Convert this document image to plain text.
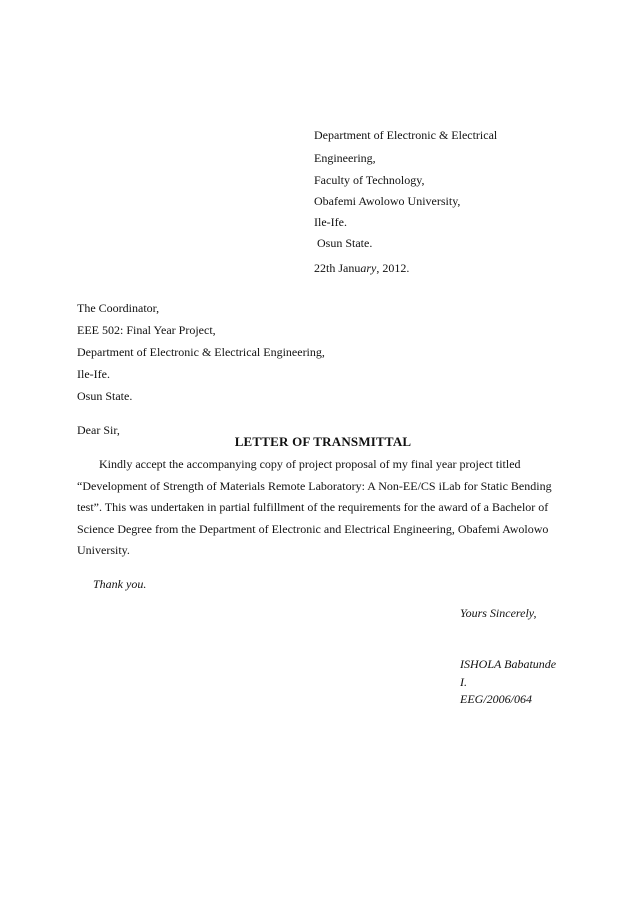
Department of Electronic & Electrical
Engineering,
Faculty of Technology,
Obafemi Awolowo University,
Ile-Ife.
Osun State.
22th January, 2012.
The Coordinator,
EEE 502: Final Year Project,
Department of Electronic & Electrical Engineering,
Ile-Ife.
Osun State.
Dear Sir,
LETTER OF TRANSMITTAL
Kindly accept the accompanying copy of project proposal of my final year project titled “Development of Strength of Materials Remote Laboratory: A Non-EE/CS iLab for Static Bending test”. This was undertaken in partial fulfillment of the requirements for the award of a Bachelor of Science Degree from the Department of Electronic and Electrical Engineering, Obafemi Awolowo University.
Thank you.
Yours Sincerely,
ISHOLA Babatunde
I.
EEG/2006/064
